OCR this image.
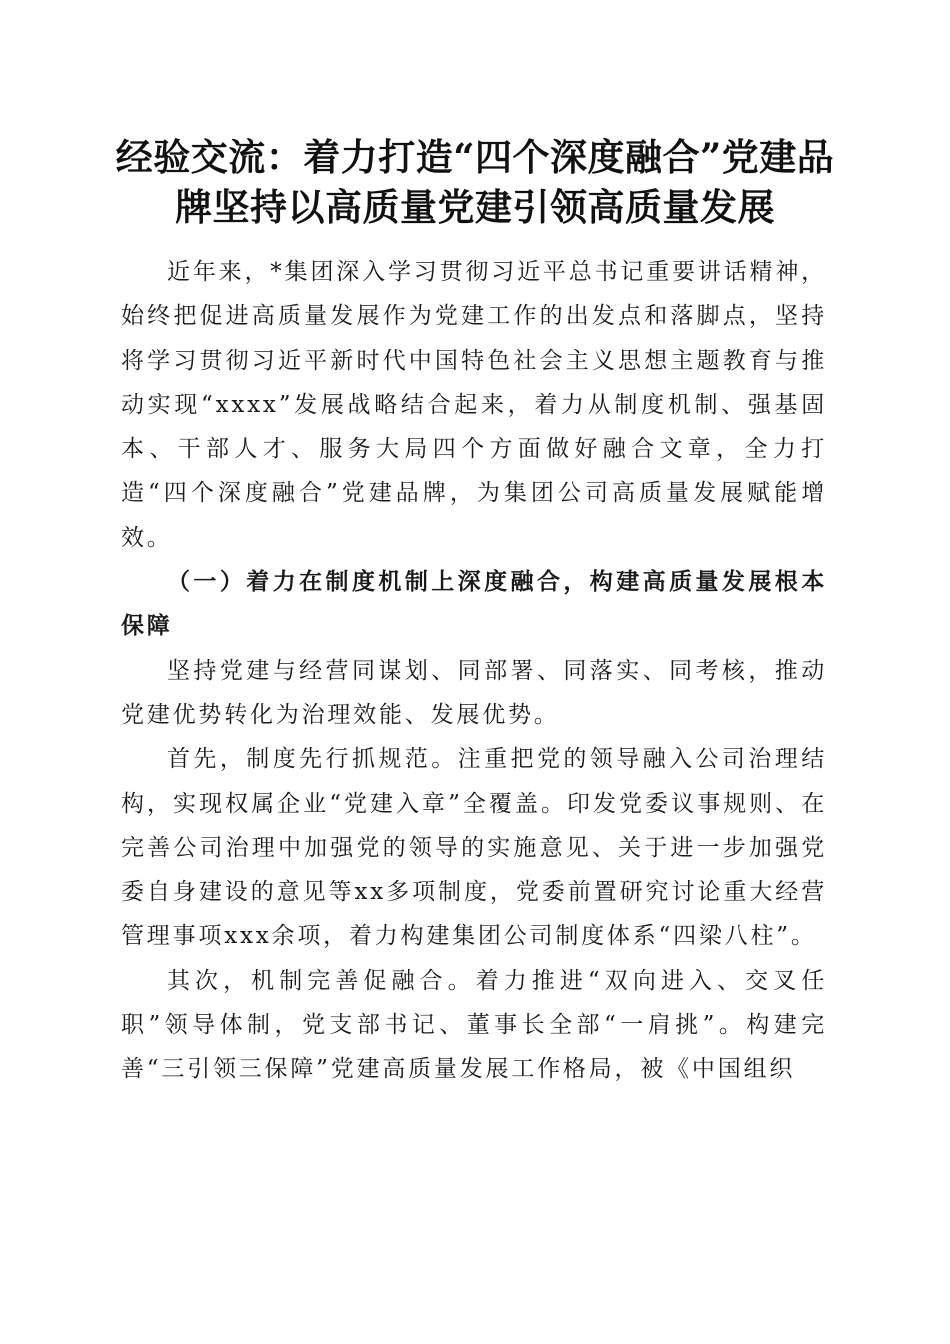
经验交流：着力打造“四个深度融合”党建品牌坚持以高质量党建引领高质量发展

近年来，*集团深入学习贯彻习近平总书记重要讲话精神，始终把促进高质量发展作为党建工作的出发点和落脚点，坚持将学习贯彻习近平新时代中国特色社会主义思想主题教育与推动实现“xxxx”发展战略结合起来，着力从制度机制、强基固本、干部人才、服务大局四个方面做好融合文章，全力打造“四个深度融合”党建品牌，为集团公司高质量发展赋能增效。

（一）着力在制度机制上深度融合，构建高质量发展根本保障

坚持党建与经营同谋划、同部署、同落实、同考核，推动党建优势转化为治理效能、发展优势。

首先，制度先行抓规范。注重把党的领导融入公司治理结构，实现权属企业“党建入章”全覆盖。印发党委议事规则、在完善公司治理中加强党的领导的实施意见、关于进一步加强党委自身建设的意见等xx多项制度，党委前置研究讨论重大经营管理事项xxx余项，着力构建集团公司制度体系“四梁八柱”。

其次，机制完善促融合。着力推进“双向进入、交叉任职”领导体制，党支部书记、董事长全部“一肩挑”。构建完善“三引领三保障”党建高质量发展工作格局，被《中国组织
